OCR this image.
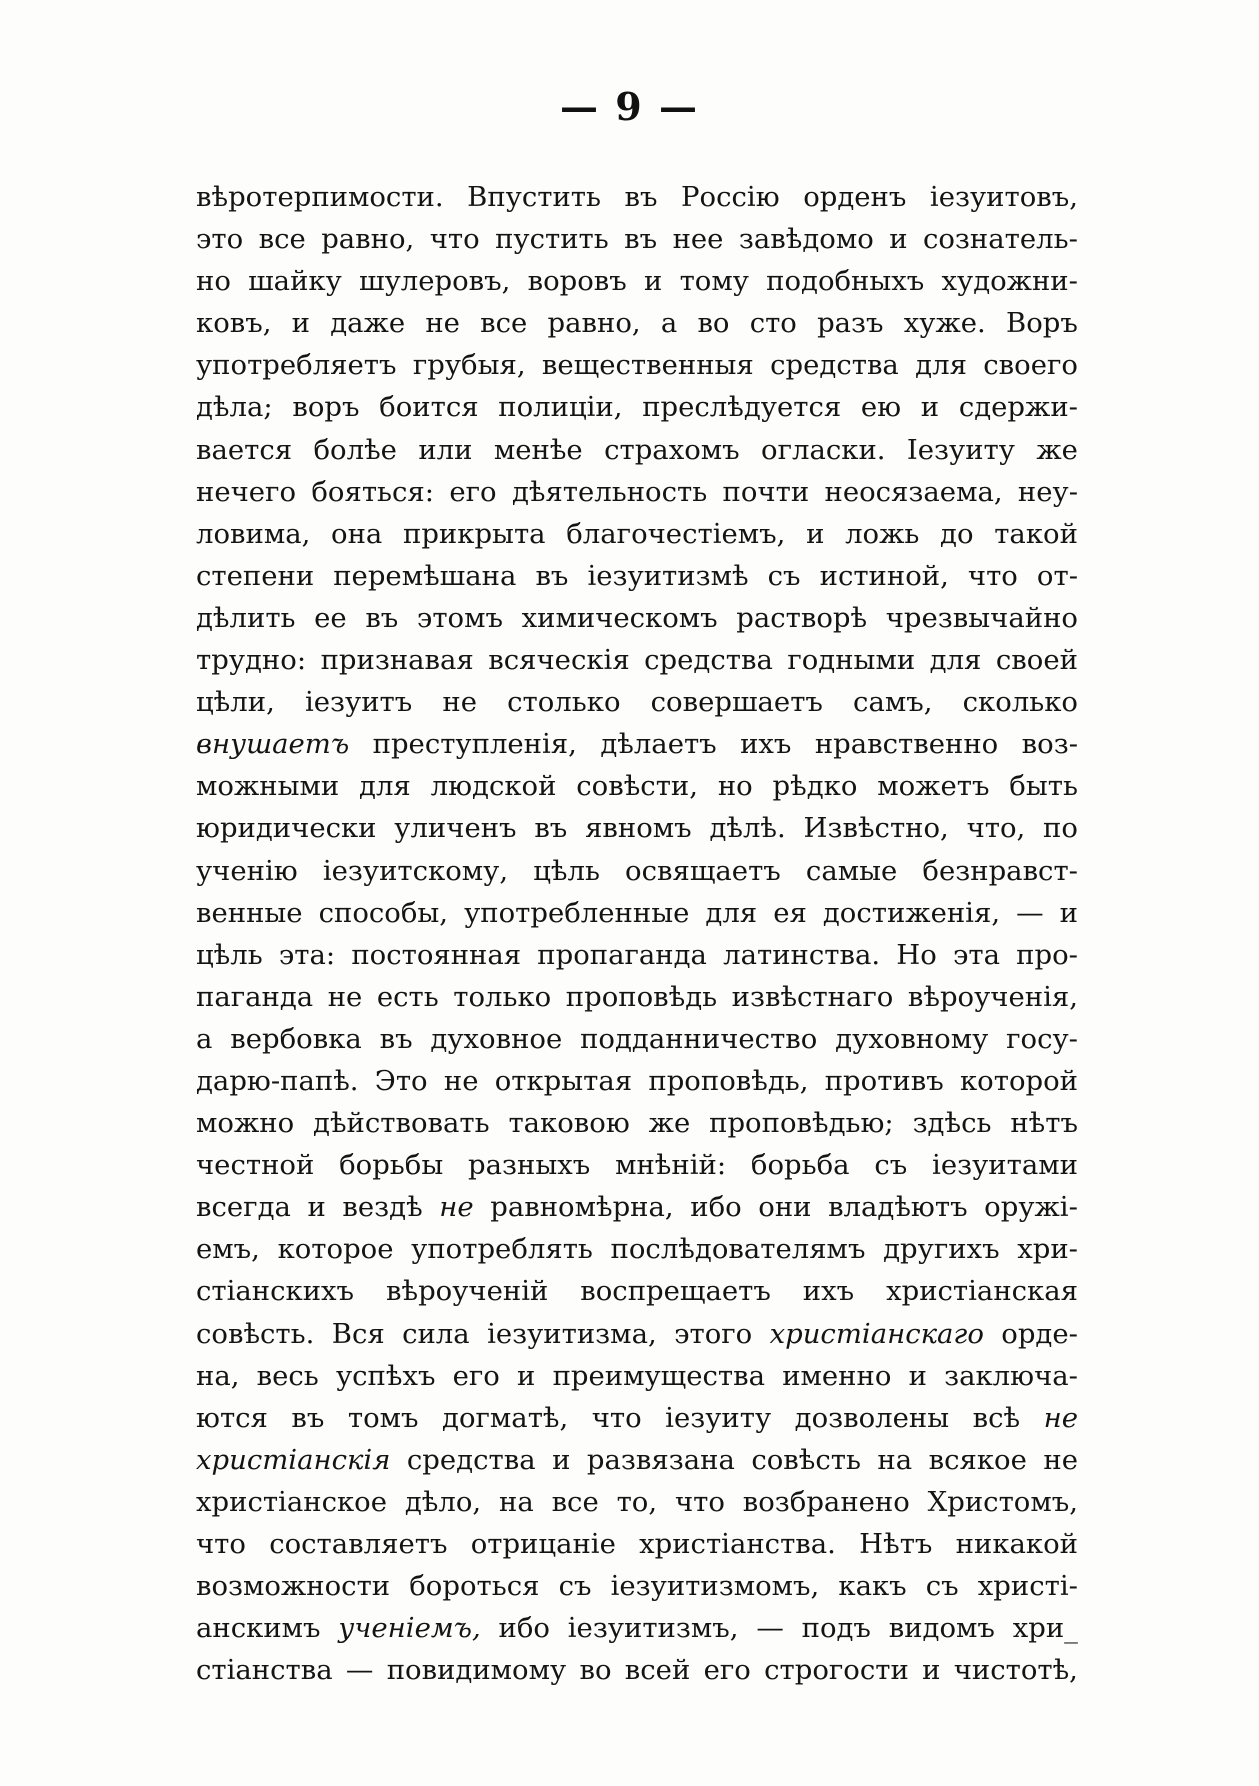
— 9 —
вѣротерпимости. Впустить въ Россію орденъ іезуитовъ,
это все равно, что пустить въ нее завѣдомо и сознатель-
но шайку шулеровъ, воровъ и тому подобныхъ художни-
ковъ, и даже не все равно, а во сто разъ хуже. Воръ
употребляетъ грубыя, вещественныя средства для своего
дѣла; воръ боится полиціи, преслѣдуется ею и сдержи-
вается болѣе или менѣе страхомъ огласки. Іезуиту же
нечего бояться: его дѣятельность почти неосязаема, неу-
ловима, она прикрыта благочестіемъ, и ложь до такой
степени перемѣшана въ іезуитизмѣ съ истиной, что от-
дѣлить ее въ этомъ химическомъ растворѣ чрезвычайно
трудно: признавая всяческія средства годными для своей
цѣли, іезуитъ не столько совершаетъ самъ, сколько
внушаетъ преступленія, дѣлаетъ ихъ нравственно воз-
можными для людской совѣсти, но рѣдко можетъ быть
юридически уличенъ въ явномъ дѣлѣ. Извѣстно, что, по
ученію іезуитскому, цѣль освящаетъ самые безнравст-
венные способы, употребленные для ея достиженія, — и
цѣль эта: постоянная пропаганда латинства. Но эта про-
паганда не есть только проповѣдь извѣстнаго вѣроученія,
а вербовка въ духовное подданничество духовному госу-
дарю-папѣ. Это не открытая проповѣдь, противъ которой
можно дѣйствовать таковою же проповѣдью; здѣсь нѣтъ
честной борьбы разныхъ мнѣній: борьба съ іезуитами
всегда и вездѣ не равномѣрна, ибо они владѣютъ оружі-
емъ, которое употреблять послѣдователямъ другихъ хри-
стіанскихъ вѣроученій воспрещаетъ ихъ христіанская
совѣсть. Вся сила іезуитизма, этого христіанскаго орде-
на, весь успѣхъ его и преимущества именно и заключа-
ются въ томъ догматѣ, что іезуиту дозволены всѣ не
христіанскія средства и развязана совѣсть на всякое не
христіанское дѣло, на все то, что возбранено Христомъ,
что составляетъ отрицаніе христіанства. Нѣтъ никакой
возможности бороться съ іезуитизмомъ, какъ съ христі-
анскимъ ученіемъ, ибо іезуитизмъ, — подъ видомъ хри_
стіанства — повидимому во всей его строгости и чистотѣ,
